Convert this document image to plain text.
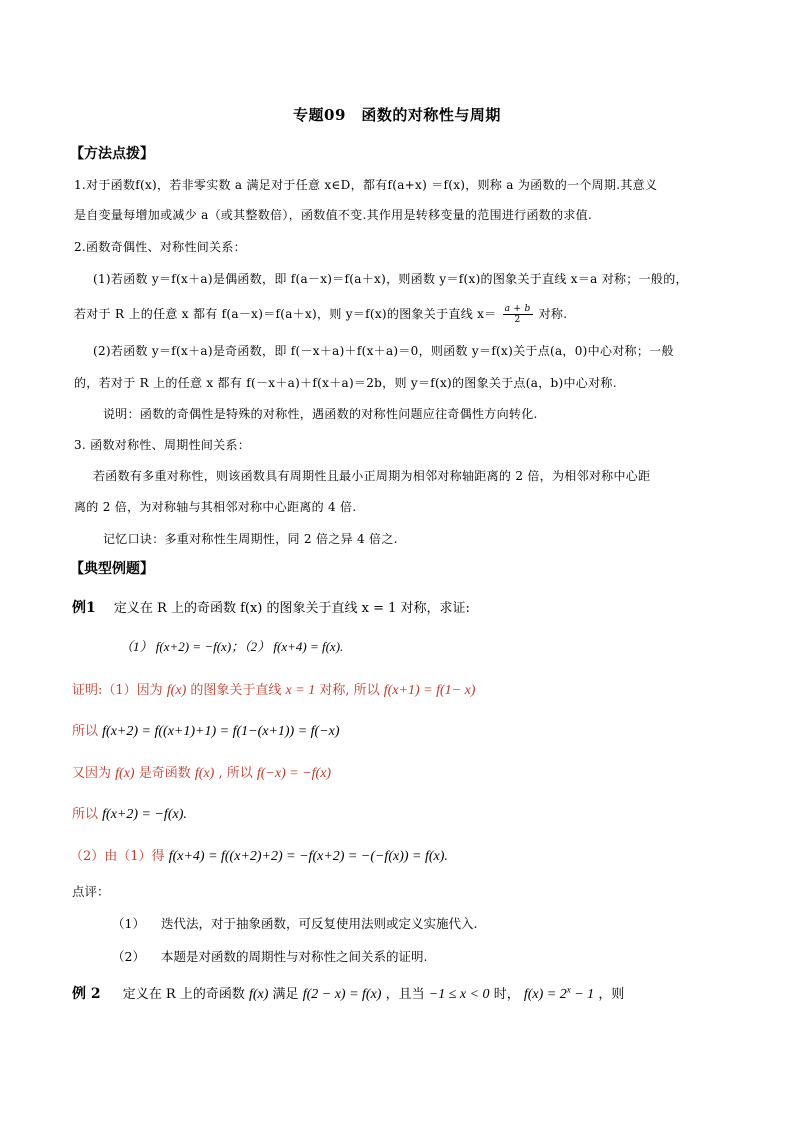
专题09　函数的对称性与周期
【方法点拨】
1.对于函数f(x)，若非零实数 a 满足对于任意 x∈D，都有f(a+x) ＝f(x)，则称 a 为函数的一个周期.其意义
是自变量每增加或减少 a（或其整数倍），函数值不变.其作用是转移变量的范围进行函数的求值.
2.函数奇偶性、对称性间关系：
(1)若函数 y＝f(x＋a)是偶函数，即 f(a－x)＝f(a＋x)，则函数 y＝f(x)的图象关于直线 x＝a 对称；一般的，
若对于 R 上的任意 x 都有 f(a－x)＝f(a＋x)，则 y＝f(x)的图象关于直线 $x= \frac{a + b}{2}$ 对称.
(2)若函数 y＝f(x＋a)是奇函数，即 f(－x＋a)＋f(x＋a)＝0，则函数 y＝f(x)关于点(a，0)中心对称；一般
的，若对于 R 上的任意 x 都有 f(－x＋a)＋f(x＋a)＝2b，则 y＝f(x)的图象关于点(a，b)中心对称.
说明：函数的奇偶性是特殊的对称性，遇函数的对称性问题应往奇偶性方向转化.
3. 函数对称性、周期性间关系：
若函数有多重对称性，则该函数具有周期性且最小正周期为相邻对称轴距离的 2 倍，为相邻对称中心距
离的 2 倍，为对称轴与其相邻对称中心距离的 4 倍.
记忆口诀：多重对称性生周期性，同 2 倍之异 4 倍之.
【典型例题】
例1 定义在 R 上的奇函数 f(x) 的图象关于直线 x = 1 对称，求证:
（1） f(x+2) = −f(x)；（2） f(x+4) = f(x).
证明:（1）因为 f(x) 的图象关于直线 x = 1 对称, 所以 f(x+1) = f(1− x)
所以 f(x+2) = f((x+1)+1) = f(1−(x+1)) = f(−x)
又因为 f(x) 是奇函数 f(x) , 所以 f(−x) = −f(x)
所以 f(x+2) = −f(x).
（2）由（1）得 f(x+4) = f((x+2)+2) = −f(x+2) = −(−f(x)) = f(x).
点评：
（1） 迭代法，对于抽象函数，可反复使用法则或定义实施代入.
（2） 本题是对函数的周期性与对称性之间关系的证明.
例 2 定义在 R 上的奇函数 f(x) 满足 f(2 − x) = f(x) ，且当 −1 ≤ x < 0 时， $f(x) = 2^x - 1$ ，则
